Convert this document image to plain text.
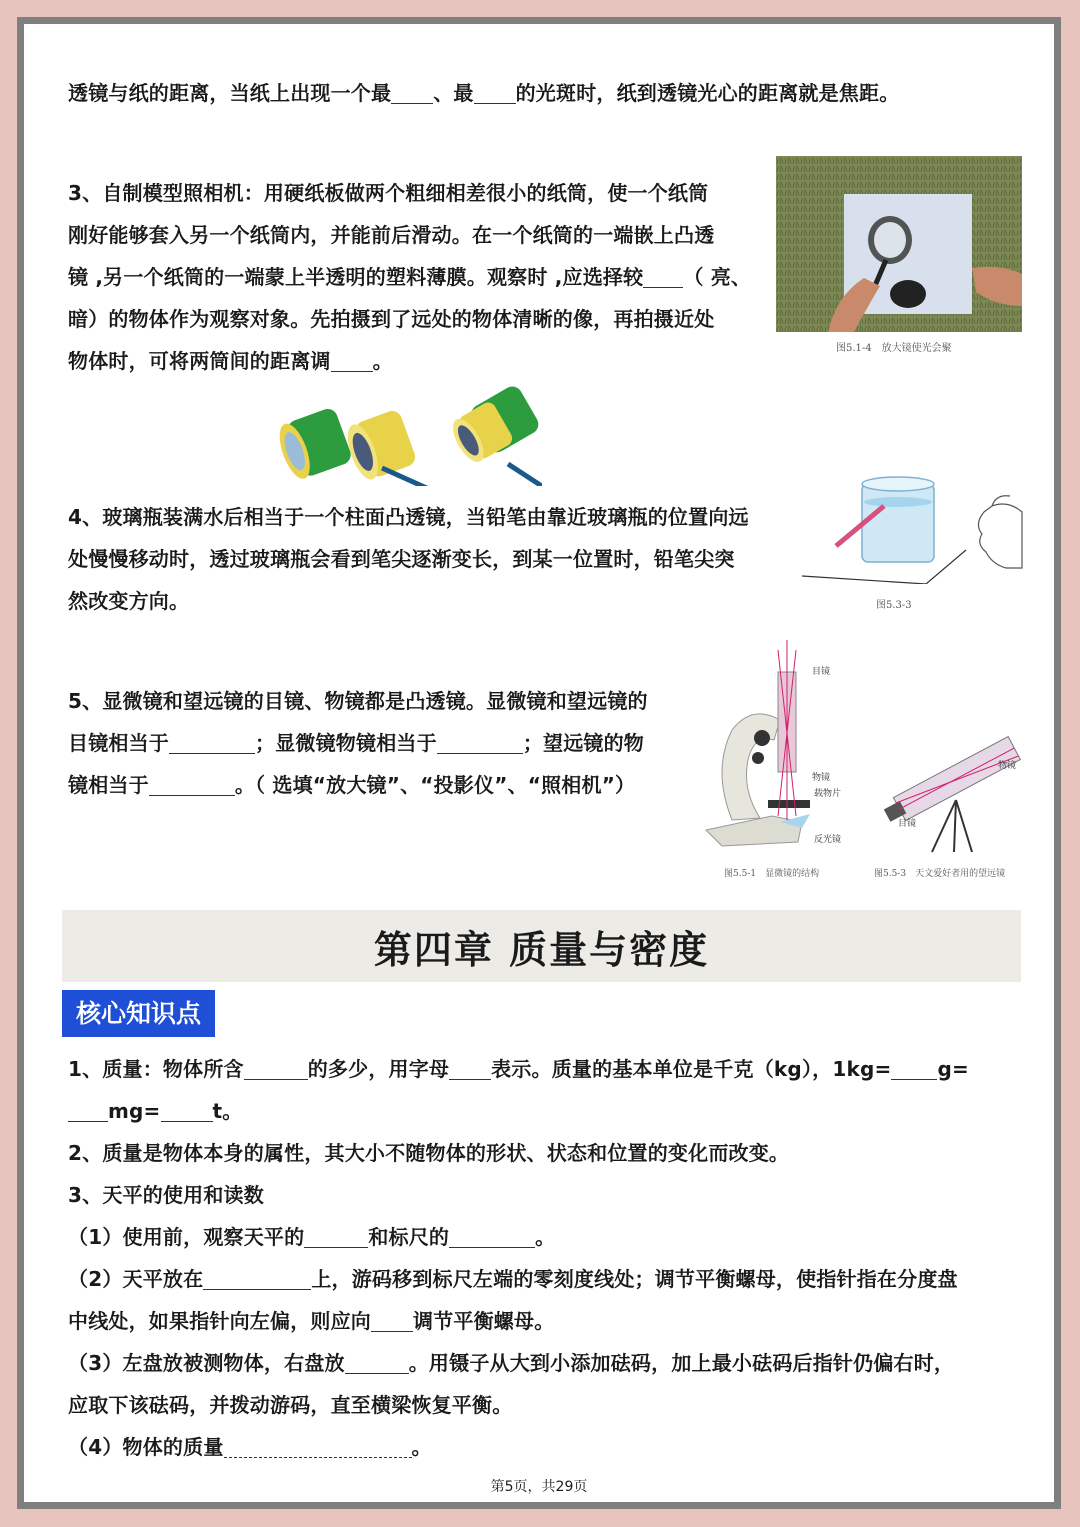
透镜与纸的距离，当纸上出现一个最 、最 的光斑时，纸到透镜光心的距离就是焦距。
3、自制模型照相机：用硬纸板做两个粗细相差很小的纸筒，使一个纸筒
刚好能够套入另一个纸筒内，并能前后滑动。在一个纸筒的一端嵌上凸透
镜 ,另一个纸筒的一端蒙上半透明的塑料薄膜。观察时 ,应选择较 （ 亮、
暗）的物体作为观察对象。先拍摄到了远处的物体清晰的像，再拍摄近处
物体时，可将两筒间的距离调 。
图5.1-4　放大镜使光会聚
4、玻璃瓶装满水后相当于一个柱面凸透镜，当铅笔由靠近玻璃瓶的位置向远
处慢慢移动时，透过玻璃瓶会看到笔尖逐渐变长，到某一位置时，铅笔尖突
然改变方向。	图5.3-3
5、显微镜和望远镜的目镜、物镜都是凸透镜。显微镜和望远镜的
目镜相当于	；显微镜物镜相当于	；望远镜的物
镜相当于	。（ 选填“放大镜”、“投影仪”、“照相机”）
目镜
物镜
载物片
反光镜
物镜
目镜
图5.5-1　显微镜的结构	图5.5-3　天文爱好者用的望远镜
第四章 质量与密度
核心知识点
1、质量：物体所含	的多少，用字母 表示。质量的基本单位是千克（kg），1kg= g=
mg=	t。
2、质量是物体本身的属性，其大小不随物体的形状、状态和位置的变化而改变。
3、天平的使用和读数
（1）使用前，观察天平的	和标尺的	。
（2）天平放在	上，游码移到标尺左端的零刻度线处；调节平衡螺母，使指针指在分度盘
中线处，如果指针向左偏，则应向 调节平衡螺母。
（3）左盘放被测物体，右盘放	。用镊子从大到小添加砝码，加上最小砝码后指针仍偏右时，
应取下该砝码，并拨动游码，直至横梁恢复平衡。
（4）物体的质量	。
第5页，共29页
